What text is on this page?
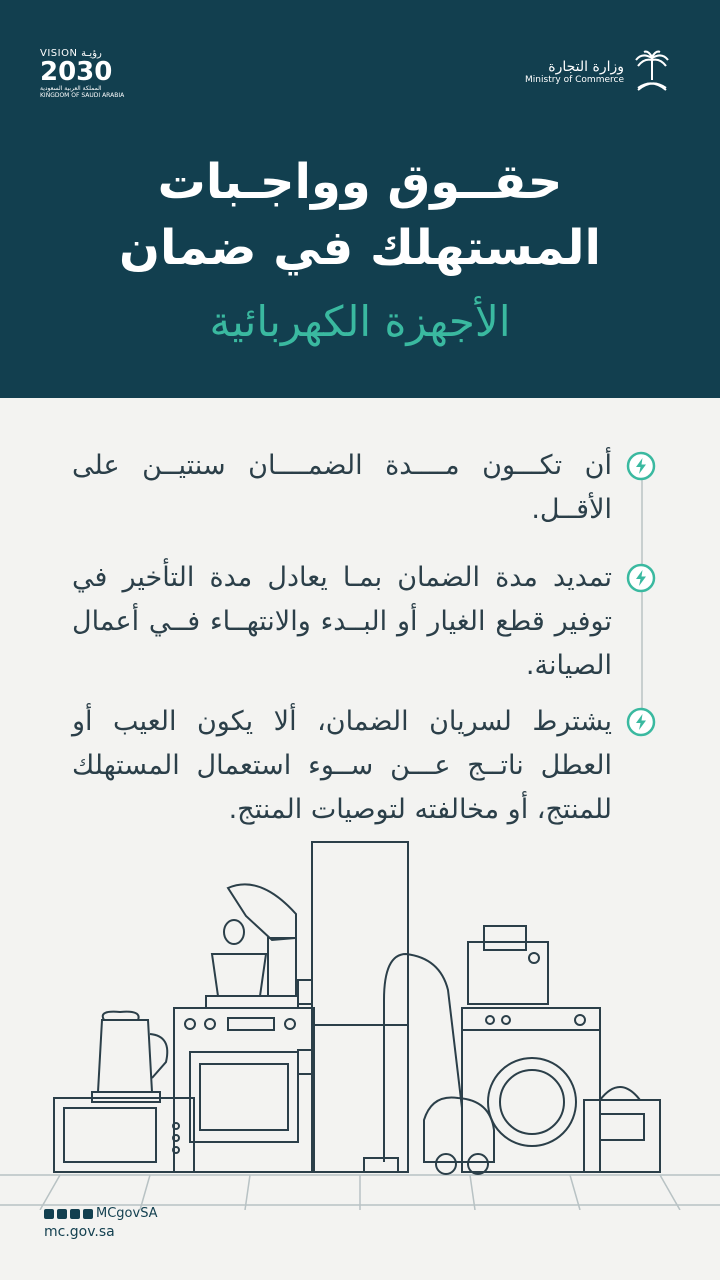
VISION رؤيـة
2030
المملكة العربية السعودية
KINGDOM OF SAUDI ARABIA
وزارة التجارة
Ministry of Commerce
حقــوق وواجـبات
المستهلك في ضمان
الأجهزة الكهربائية
أن تكـــون مــــدة الضمــــان سنتيــن على الأقــل.
تمديد مدة الضمان بمـا يعادل مدة التأخير في توفير قطع الغيار أو البــدء والانتهــاء فــي أعمال الصيانة.
يشترط لسريان الضمان، ألا يكون العيب أو العطل ناتــج عـــن ســوء استعمال المستهلك للمنتج، أو مخالفته لتوصيات المنتج.
MCgovSA
mc.gov.sa
